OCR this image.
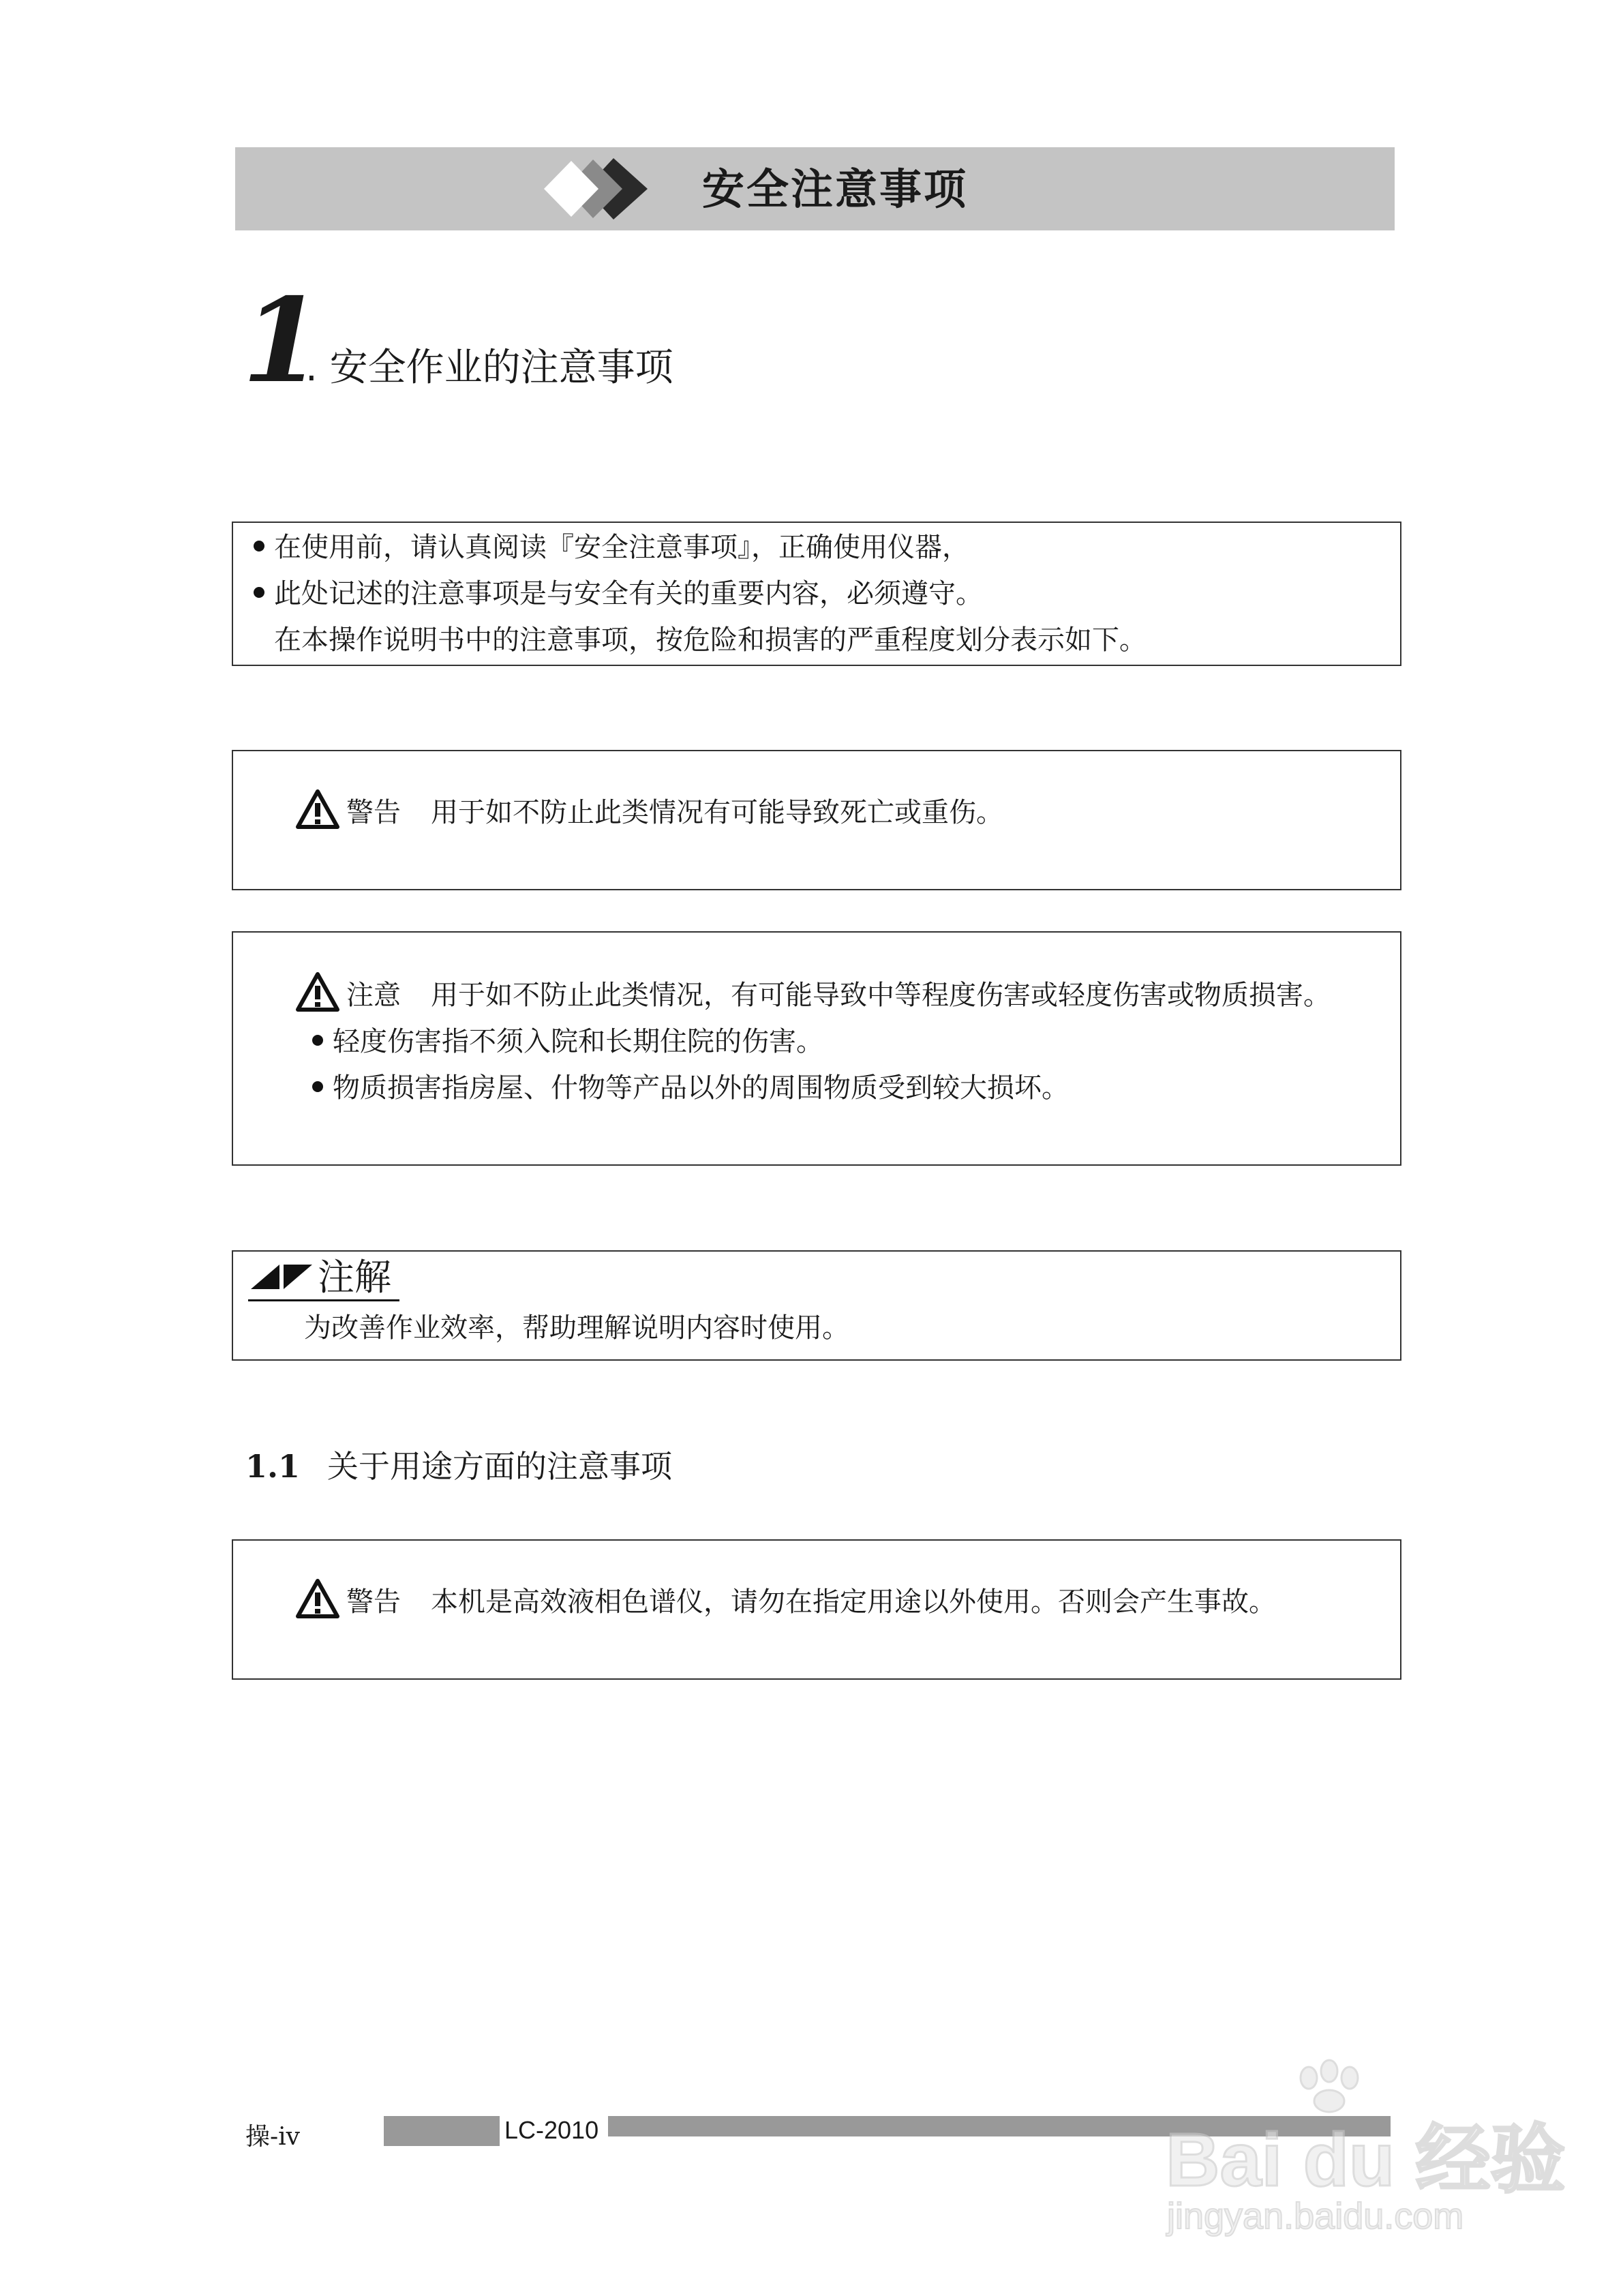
安全注意事项
1
. 安全作业的注意事项
在使用前，请认真阅读『安全注意事项』，正确使用仪器，
此处记述的注意事项是与安全有关的重要内容，必须遵守。
在本操作说明书中的注意事项，按危险和损害的严重程度划分表示如下。
警告 用于如不防止此类情况有可能导致死亡或重伤。
注意 用于如不防止此类情况，有可能导致中等程度伤害或轻度伤害或物质损害。
轻度伤害指不须入院和长期住院的伤害。
物质损害指房屋、什物等产品以外的周围物质受到较大损坏。
注解
为改善作业效率，帮助理解说明内容时使用。
1.1 关于用途方面的注意事项
警告 本机是高效液相色谱仪，请勿在指定用途以外使用。否则会产生事故。
操-iv	LC-2010	Bai du 经验
jingyan.baidu.com
